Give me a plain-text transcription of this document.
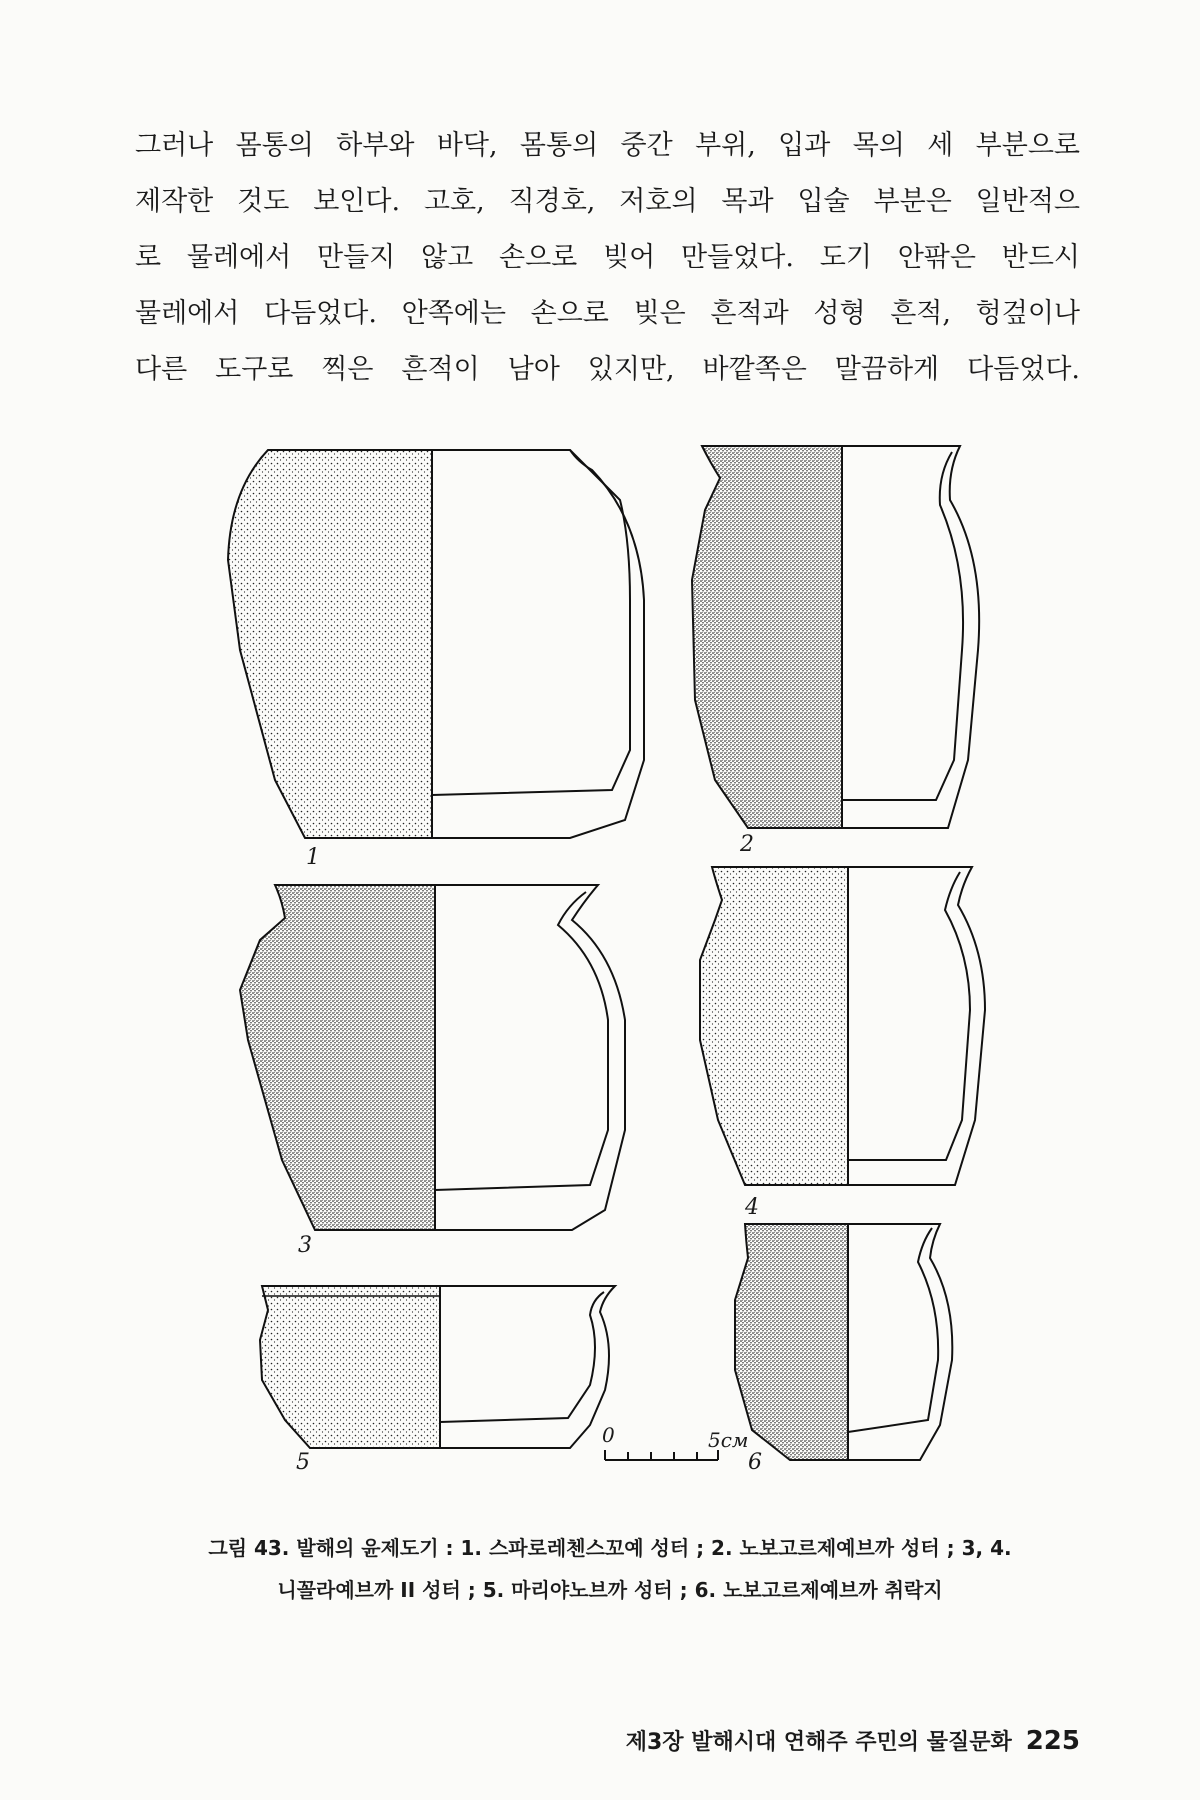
그러나 몸통의 하부와 바닥, 몸통의 중간 부위, 입과 목의 세 부분으로

제작한 것도 보인다. 고호, 직경호, 저호의 목과 입술 부분은 일반적으

로 물레에서 만들지 않고 손으로 빚어 만들었다. 도기 안팎은 반드시

물레에서 다듬었다. 안쪽에는 손으로 빚은 흔적과 성형 흔적, 헝겊이나

다른 도구로 찍은 흔적이 남아 있지만, 바깥쪽은 말끔하게 다듬었다.

1
2
3
4
5	6
0	5см
그림 43. 발해의 윤제도기 : 1. 스파로레첸스꼬예 성터 ; 2. 노보고르제예브까 성터 ; 3, 4.
니꼴라예브까 II 성터 ; 5. 마리야노브까 성터 ; 6. 노보고르제예브까 취락지
제3장 발해시대 연해주 주민의 물질문화 225
